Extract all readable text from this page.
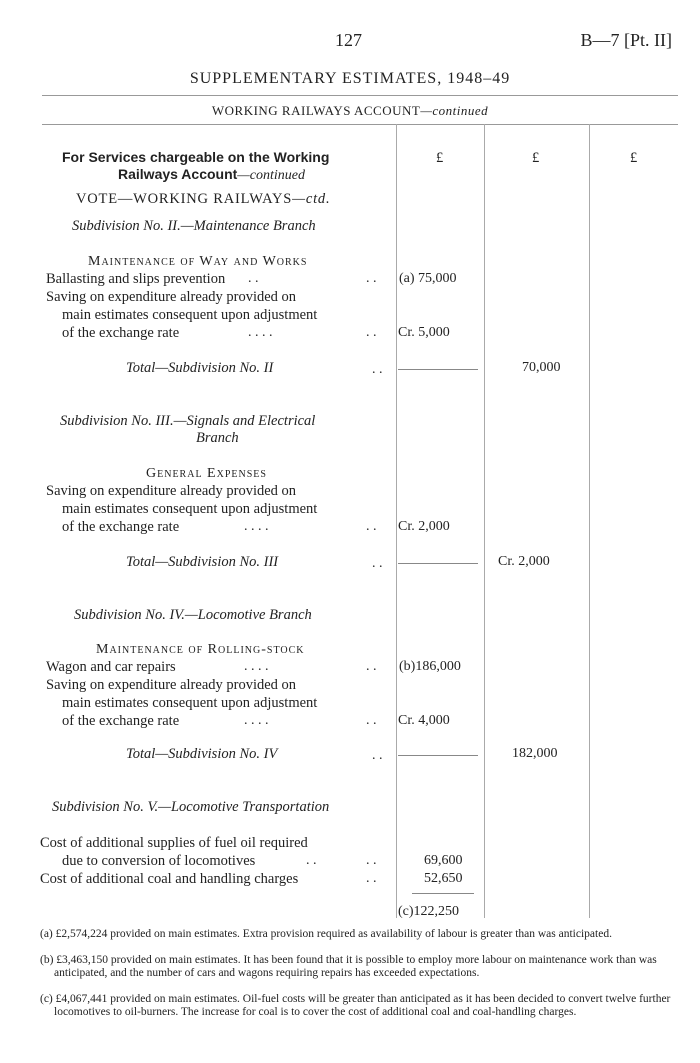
127	B—7 [Pt. II]
SUPPLEMENTARY ESTIMATES, 1948–49
WORKING RAILWAYS ACCOUNT—continued
£	£	£
For Services chargeable on the Working
Railways Account—continued
VOTE—WORKING RAILWAYS—ctd.
Subdivision No. II.—Maintenance Branch
Maintenance of Way and Works
Ballasting and slips prevention . .	. . (a) 75,000
Saving on expenditure already provided on
main estimates consequent upon adjustment
of the exchange rate	. . . .	. . Cr. 5,000
Total—Subdivision No. II	. .	70,000
Subdivision No. III.—Signals and Electrical
Branch
General Expenses
Saving on expenditure already provided on
main estimates consequent upon adjustment
of the exchange rate	. . . .	. . Cr. 2,000
Total—Subdivision No. III	. .	Cr. 2,000
Subdivision No. IV.—Locomotive Branch
Maintenance of Rolling-stock
Wagon and car repairs	. . . .	. . (b)186,000
Saving on expenditure already provided on
main estimates consequent upon adjustment
of the exchange rate	. . . .	. . Cr. 4,000
Total—Subdivision No. IV	. .	182,000
Subdivision No. V.—Locomotive Transportation
Cost of additional supplies of fuel oil required
due to conversion of locomotives	. .	. .	69,600
Cost of additional coal and handling charges	. .	52,650
(c)122,250
(a) £2,574,224 provided on main estimates. Extra provision required as availability of labour is greater than was anticipated.
(b) £3,463,150 provided on main estimates. It has been found that it is possible to employ more labour on maintenance work than was anticipated, and the number of cars and wagons requiring repairs has exceeded expectations.
(c) £4,067,441 provided on main estimates. Oil-fuel costs will be greater than anticipated as it has been decided to convert twelve further locomotives to oil-burners. The increase for coal is to cover the cost of additional coal and coal-handling charges.
